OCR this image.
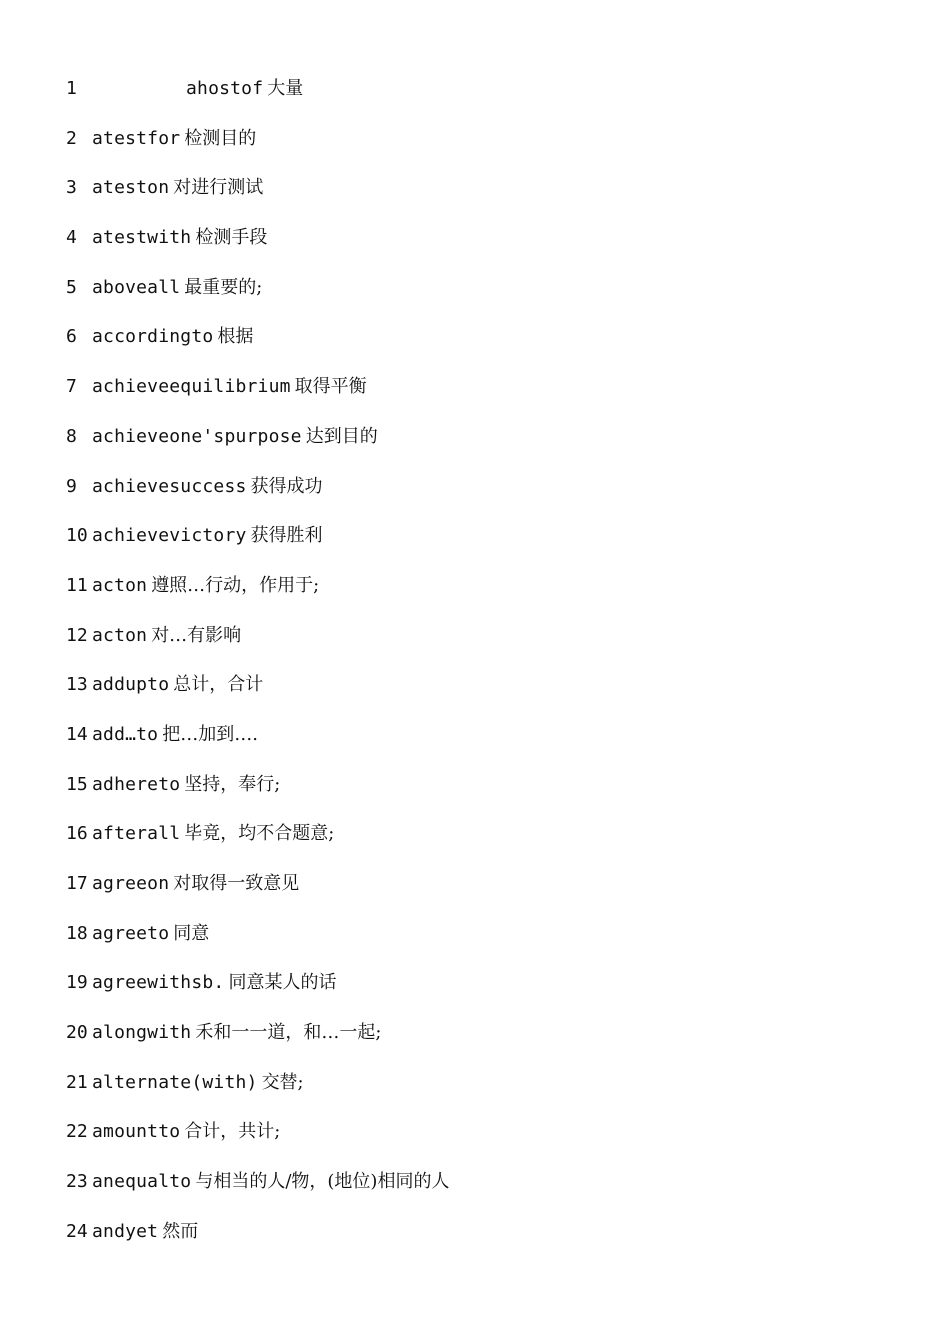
1	ahostof 大量
2 atestfor 检测目的
3 ateston 对进行测试
4 atestwith 检测手段
5 aboveall 最重要的;
6 accordingto 根据
7 achieveequilibrium 取得平衡
8 achieveone'spurpose 达到目的
9 achievesuccess 获得成功
10 achievevictory 获得胜利
11 acton 遵照…行动，作用于;
12 acton 对…有影响
13 addupto 总计，合计
14 add…to 把…加到….
15 adhereto 坚持，奉行;
16 afterall 毕竟，均不合题意;
17 agreeon 对取得一致意见
18 agreeto 同意
19 agreewithsb. 同意某人的话
20 alongwith 禾和一一道，和…一起;
21 alternate(with) 交替;
22 amountto 合计，共计;
23 anequalto 与相当的人/物，(地位)相同的人
24 andyet 然而
